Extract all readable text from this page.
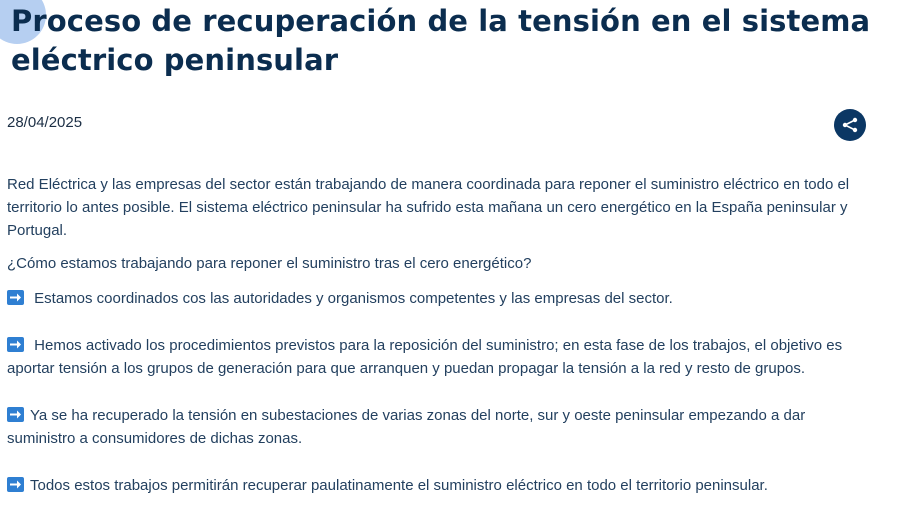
Proceso de recuperación de la tensión en el sistema eléctrico peninsular
28/04/2025

Red Eléctrica y las empresas del sector están trabajando de manera coordinada para reponer el suministro eléctrico en todo el territorio lo antes posible. El sistema eléctrico peninsular ha sufrido esta mañana un cero energético en la España peninsular y Portugal.

¿Cómo estamos trabajando para reponer el suministro tras el cero energético?

Estamos coordinados cos las autoridades y organismos competentes y las empresas del sector.

Hemos activado los procedimientos previstos para la reposición del suministro; en esta fase de los trabajos, el objetivo es aportar tensión a los grupos de generación para que arranquen y puedan propagar la tensión a la red y resto de grupos.

Ya se ha recuperado la tensión en subestaciones de varias zonas del norte, sur y oeste peninsular empezando a dar suministro a consumidores de dichas zonas.

Todos estos trabajos permitirán recuperar paulatinamente el suministro eléctrico en todo el territorio peninsular.
